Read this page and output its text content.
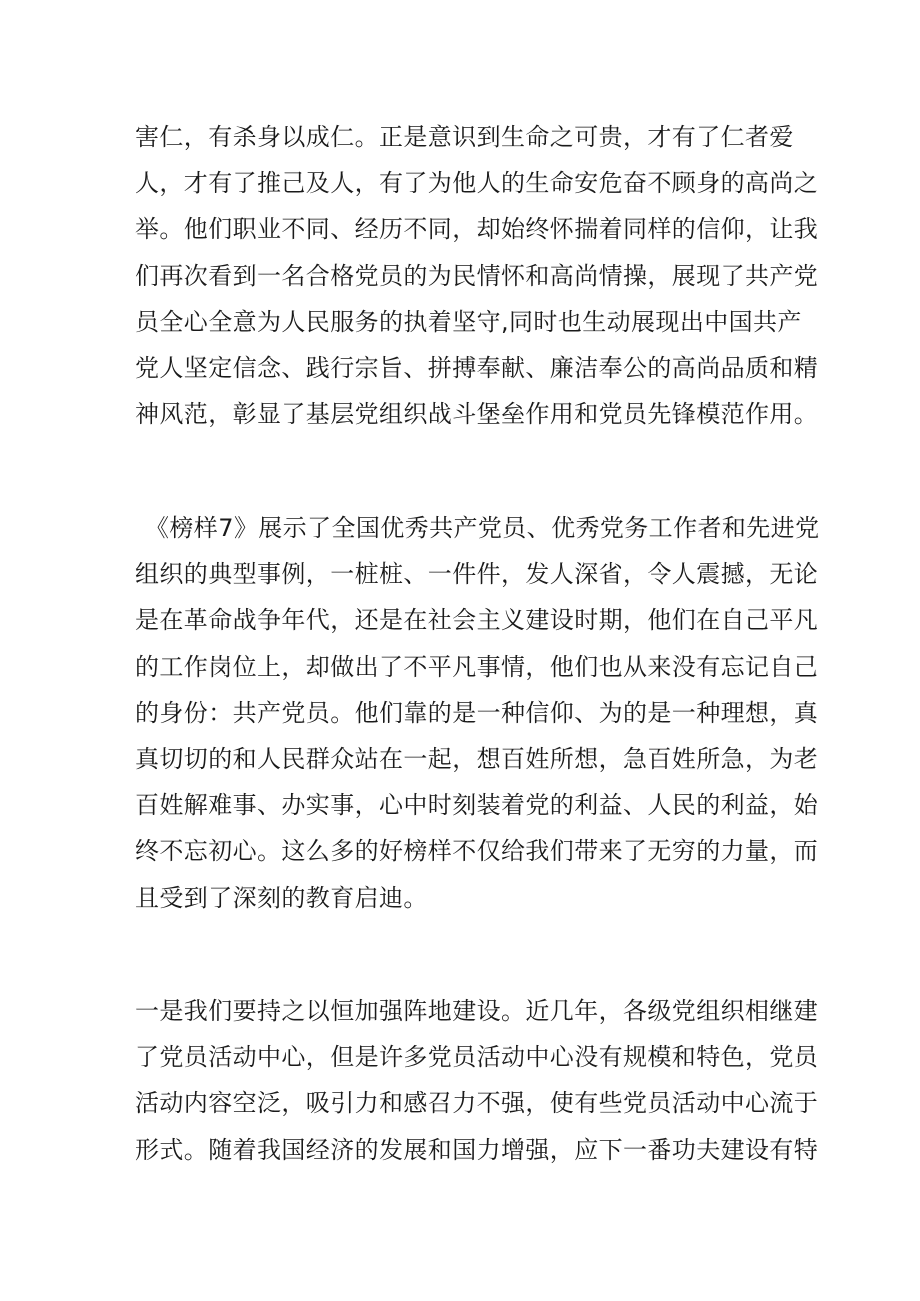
害仁，有杀身以成仁。正是意识到生命之可贵，才有了仁者爱
人，才有了推己及人，有了为他人的生命安危奋不顾身的高尚之
举。他们职业不同、经历不同，却始终怀揣着同样的信仰，让我
们再次看到一名合格党员的为民情怀和高尚情操，展现了共产党
员全心全意为人民服务的执着坚守,同时也生动展现出中国共产
党人坚定信念、践行宗旨、拼搏奉献、廉洁奉公的高尚品质和精
神风范，彰显了基层党组织战斗堡垒作用和党员先锋模范作用。

《榜样7》展示了全国优秀共产党员、优秀党务工作者和先进党
组织的典型事例，一桩桩、一件件，发人深省，令人震撼，无论
是在革命战争年代，还是在社会主义建设时期，他们在自己平凡
的工作岗位上，却做出了不平凡事情，他们也从来没有忘记自己
的身份：共产党员。他们靠的是一种信仰、为的是一种理想，真
真切切的和人民群众站在一起，想百姓所想，急百姓所急，为老
百姓解难事、办实事，心中时刻装着党的利益、人民的利益，始
终不忘初心。这么多的好榜样不仅给我们带来了无穷的力量，而
且受到了深刻的教育启迪。

一是我们要持之以恒加强阵地建设。近几年，各级党组织相继建
了党员活动中心，但是许多党员活动中心没有规模和特色，党员
活动内容空泛，吸引力和感召力不强，使有些党员活动中心流于
形式。随着我国经济的发展和国力增强，应下一番功夫建设有特
